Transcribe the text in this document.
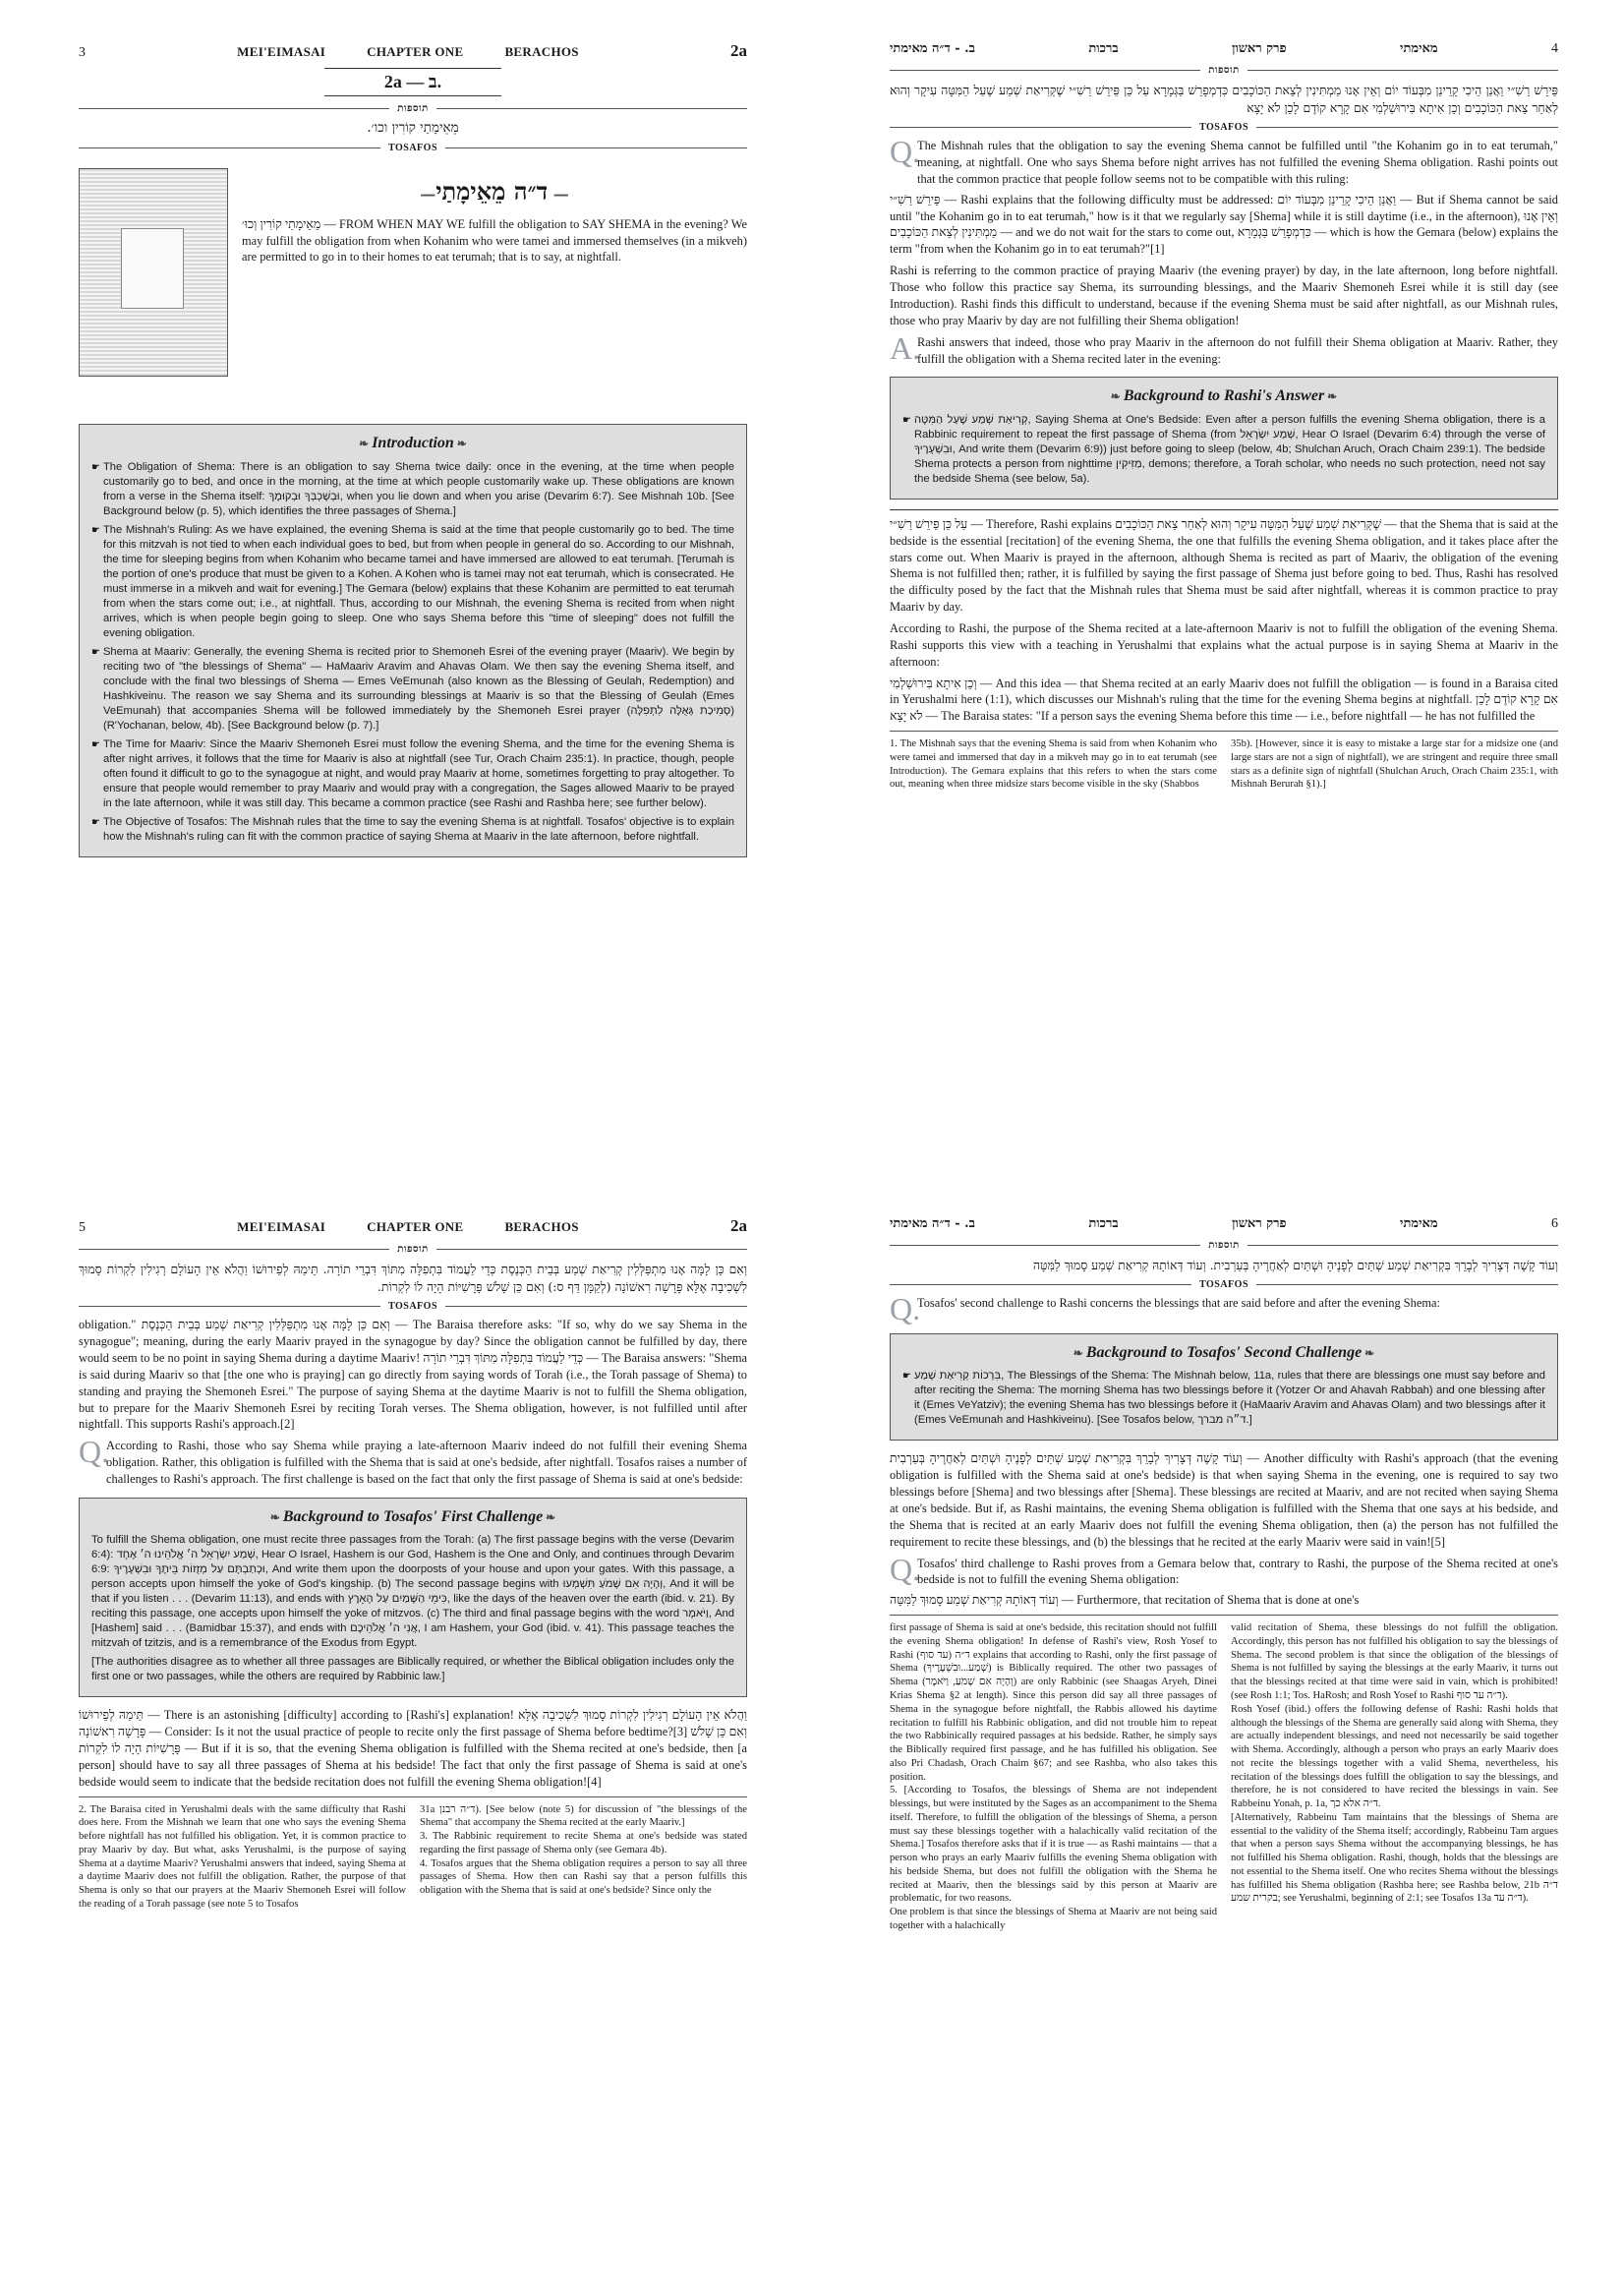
3	MEI'EIMASAI	CHAPTER ONE	BERACHOS	2a
2a — ב.
תוספות
מֵאֵימָתַי קוֹרִין וכו׳.
TOSAFOS
— ד״ה מֵאֵימָתַי —

מֵאֵימָתַי קוֹרִין וְכוּ׳ — FROM WHEN MAY WE fulfill the obligation to SAY SHEMA in the evening? We may fulfill the obligation from when Kohanim who were tamei and immersed themselves (in a mikveh) are permitted to go in to their homes to eat terumah; that is to say, at nightfall.

❧ Introduction ❧

☛ The Obligation of Shema: There is an obligation to say Shema twice daily: once in the evening, at the time when people customarily go to bed, and once in the morning, at the time at which people customarily wake up. These obligations are known from a verse in the Shema itself: וּבְשָׁכְבְּךָ וּבְקוּמֶךָ, when you lie down and when you arise (Devarim 6:7). See Mishnah 10b. [See Background below (p. 5), which identifies the three passages of Shema.]

☛ The Mishnah's Ruling: As we have explained, the evening Shema is said at the time that people customarily go to bed. The time for this mitzvah is not tied to when each individual goes to bed, but from when people in general do so. According to our Mishnah, the time for sleeping begins from when Kohanim who became tamei and have immersed are allowed to eat terumah. [Terumah is the portion of one's produce that must be given to a Kohen. A Kohen who is tamei may not eat terumah, which is consecrated. He must immerse in a mikveh and wait for evening.] The Gemara (below) explains that these Kohanim are permitted to eat terumah from when the stars come out; i.e., at nightfall. Thus, according to our Mishnah, the evening Shema is recited from when night arrives, which is when people begin going to sleep. One who says Shema before this "time of sleeping" does not fulfill the evening obligation.

☛ Shema at Maariv: Generally, the evening Shema is recited prior to Shemoneh Esrei of the evening prayer (Maariv). We begin by reciting two of "the blessings of Shema" — HaMaariv Aravim and Ahavas Olam. We then say the evening Shema itself, and conclude with the final two blessings of Shema — Emes VeEmunah (also known as the Blessing of Geulah, Redemption) and Hashkiveinu. The reason we say Shema and its surrounding blessings at Maariv is so that the Blessing of Geulah (Emes VeEmunah) that accompanies Shema will be followed immediately by the Shemoneh Esrei prayer (סְמִיכַת גְּאֻלָּה לִתְפִלָּה) (R'Yochanan, below, 4b). [See Background below (p. 7).]

☛ The Time for Maariv: Since the Maariv Shemoneh Esrei must follow the evening Shema, and the time for the evening Shema is after night arrives, it follows that the time for Maariv is also at nightfall (see Tur, Orach Chaim 235:1). In practice, though, people often found it difficult to go to the synagogue at night, and would pray Maariv at home, sometimes forgetting to pray altogether. To ensure that people would remember to pray Maariv and would pray with a congregation, the Sages allowed Maariv to be prayed in the late afternoon, while it was still day. This became a common practice (see Rashi and Rashba here; see further below).

☛ The Objective of Tosafos: The Mishnah rules that the time to say the evening Shema is at nightfall. Tosafos' objective is to explain how the Mishnah's ruling can fit with the common practice of saying Shema at Maariv in the late afternoon, before nightfall.

ב. - ד״ה מאימתי	ברכות	פרק ראשון	מאימתי	4
תוספות
פֵּירֵשׁ רַשִׁ״י וַאֲנַן הֵיכִי קָרֵינַן מִבְּעוֹד יוֹם וְאֵין אָנוּ מַמְתִּינִין לְצֵאת הַכּוֹכָבִים כִּדְמְפָרֵשׁ בַּגְּמָרָא עַל כֵּן פֵּירֵשׁ רַשִׁ״י שֶׁקְּרִיאַת שְׁמַע שֶׁעַל הַמִּטָּה עִיקָר וְהוּא לְאַחַר צֵאת הַכּוֹכָבִים וְכֵן אִיתָא בִּירוּשַׁלְמִי אִם קָרָא קוֹדֶם לָכֵן לֹא יָצָא
TOSAFOS
Q.

The Mishnah rules that the obligation to say the evening Shema cannot be fulfilled until "the Kohanim go in to eat terumah," meaning, at nightfall. One who says Shema before night arrives has not fulfilled the evening Shema obligation. Rashi points out that the common practice that people follow seems not to be compatible with this ruling:

פֵּירֵשׁ רַשִׁ״י — Rashi explains that the following difficulty must be addressed: וַאֲנַן הֵיכִי קָרֵינַן מִבְּעוֹד יוֹם — But if Shema cannot be said until "the Kohanim go in to eat terumah," how is it that we regularly say [Shema] while it is still daytime (i.e., in the afternoon), וְאֵין אָנוּ מַמְתִּינִין לְצֵאת הַכּוֹכָבִים — and we do not wait for the stars to come out, כִּדְמְפָרֵשׁ בַּגְּמָרָא — which is how the Gemara (below) explains the term "from when the Kohanim go in to eat terumah?"[1]

Rashi is referring to the common practice of praying Maariv (the evening prayer) by day, in the late afternoon, long before nightfall. Those who follow this practice say Shema, its surrounding blessings, and the Maariv Shemoneh Esrei while it is still day (see Introduction). Rashi finds this difficult to understand, because if the evening Shema must be said after nightfall, as our Mishnah rules, those who pray Maariv by day are not fulfilling their Shema obligation!

A.

Rashi answers that indeed, those who pray Maariv in the afternoon do not fulfill their Shema obligation at Maariv. Rather, they fulfill the obligation with a Shema recited later in the evening:

❧ Background to Rashi's Answer ❧

☛ קְרִיאַת שְׁמַע שֶׁעַל הַמִּטָּה, Saying Shema at One's Bedside: Even after a person fulfills the evening Shema obligation, there is a Rabbinic requirement to repeat the first passage of Shema (from שְׁמַע יִשְׂרָאֵל, Hear O Israel (Devarim 6:4) through the verse of וּבִשְׁעָרֶיךָ, And write them (Devarim 6:9)) just before going to sleep (below, 4b; Shulchan Aruch, Orach Chaim 239:1). The bedside Shema protects a person from nighttime מַזִּיקִין, demons; therefore, a Torah scholar, who needs no such protection, need not say the bedside Shema (see below, 5a).

עַל כֵּן פֵּירֵשׁ רַשִׁ״י — Therefore, Rashi explains שֶׁקְּרִיאַת שְׁמַע שֶׁעַל הַמִּטָּה עִיקָר וְהוּא לְאַחַר צֵאת הַכּוֹכָבִים — that the Shema that is said at the bedside is the essential [recitation] of the evening Shema, the one that fulfills the evening Shema obligation, and it takes place after the stars come out. When Maariv is prayed in the afternoon, although Shema is recited as part of Maariv, the obligation of the evening Shema is not fulfilled then; rather, it is fulfilled by saying the first passage of Shema just before going to bed. Thus, Rashi has resolved the difficulty posed by the fact that the Mishnah rules that Shema must be said after nightfall, whereas it is common practice to pray Maariv by day.

According to Rashi, the purpose of the Shema recited at a late-afternoon Maariv is not to fulfill the obligation of the evening Shema. Rashi supports this view with a teaching in Yerushalmi that explains what the actual purpose is in saying Shema at Maariv in the afternoon:

וְכֵן אִיתָא בִּירוּשַׁלְמִי — And this idea — that Shema recited at an early Maariv does not fulfill the obligation — is found in a Baraisa cited in Yerushalmi here (1:1), which discusses our Mishnah's ruling that the time for the evening Shema begins at nightfall. אִם קָרָא קוֹדֶם לָכֵן לֹא יָצָא — The Baraisa states: "If a person says the evening Shema before this time — i.e., before nightfall — he has not fulfilled the

1. The Mishnah says that the evening Shema is said from when Kohanim who were tamei and immersed that day in a mikveh may go in to eat terumah (see Introduction). The Gemara explains that this refers to when the stars come out, meaning when three midsize stars become visible in the sky (Shabbos

35b). [However, since it is easy to mistake a large star for a midsize one (and large stars are not a sign of nightfall), we are stringent and require three small stars as a definite sign of nightfall (Shulchan Aruch, Orach Chaim 235:1, with Mishnah Berurah §1).]

5	MEI'EIMASAI	CHAPTER ONE	BERACHOS	2a
תוספות
וְאִם כֵּן לָמָּה אָנוּ מִתְפַּלְּלִין קְרִיאַת שְׁמַע בְּבֵית הַכְּנֶסֶת כְּדֵי לַעֲמוֹד בִּתְפִלָּה מִתּוֹךְ דִּבְרֵי תוֹרָה. תֵּימַהּ לְפֵירוּשׁוֹ וַהֲלֹא אֵין הָעוֹלָם רְגִילִין לִקְרוֹת סָמוּךְ לִשְׁכִיבָה אֶלָּא פָּרָשָׁה רִאשׁוֹנָה (לְקַמָּן דַּף ס:) וְאִם כֵּן שָׁלֹשׁ פָּרָשִׁיּוֹת הָיָה לוֹ לִקְרוֹת.
TOSAFOS

obligation." וְאִם כֵּן לָמָּה אָנוּ מִתְפַּלְּלִין קְרִיאַת שְׁמַע בְּבֵית הַכְּנֶסֶת — The Baraisa therefore asks: "If so, why do we say Shema in the synagogue"; meaning, during the early Maariv prayed in the synagogue by day? Since the obligation cannot be fulfilled by day, there would seem to be no point in saying Shema during a daytime Maariv! כְּדֵי לַעֲמוֹד בִּתְפִלָּה מִתּוֹךְ דִּבְרֵי תוֹרָה — The Baraisa answers: "Shema is said during Maariv so that [the one who is praying] can go directly from saying words of Torah (i.e., the Torah passage of Shema) to standing and praying the Shemoneh Esrei." The purpose of saying Shema at the daytime Maariv is not to fulfill the Shema obligation, but to prepare for the Maariv Shemoneh Esrei by reciting Torah verses. The Shema obligation, however, is not fulfilled until after nightfall. This supports Rashi's approach.[2]

Q.

According to Rashi, those who say Shema while praying a late-afternoon Maariv indeed do not fulfill their evening Shema obligation. Rather, this obligation is fulfilled with the Shema that is said at one's bedside, after nightfall. Tosafos raises a number of challenges to Rashi's approach. The first challenge is based on the fact that only the first passage of Shema is said at one's bedside:

❧ Background to Tosafos' First Challenge ❧

To fulfill the Shema obligation, one must recite three passages from the Torah: (a) The first passage begins with the verse (Devarim 6:4): שְׁמַע יִשְׂרָאֵל ה׳ אֱלֹהֵינוּ ה׳ אֶחָד, Hear O Israel, Hashem is our God, Hashem is the One and Only, and continues through Devarim 6:9: וּכְתַבְתָּם עַל מְזֻזוֹת בֵּיתֶךָ וּבִשְׁעָרֶיךָ, And write them upon the doorposts of your house and upon your gates. With this passage, a person accepts upon himself the yoke of God's kingship. (b) The second passage begins with וְהָיָה אִם שָׁמֹעַ תִּשְׁמְעוּ, And it will be that if you listen . . . (Devarim 11:13), and ends with כִּימֵי הַשָּׁמַיִם עַל הָאָרֶץ, like the days of the heaven over the earth (ibid. v. 21). By reciting this passage, one accepts upon himself the yoke of mitzvos. (c) The third and final passage begins with the word וַיֹּאמֶר, And [Hashem] said . . . (Bamidbar 15:37), and ends with אֲנִי ה׳ אֱלֹהֵיכֶם, I am Hashem, your God (ibid. v. 41). This passage teaches the mitzvah of tzitzis, and is a remembrance of the Exodus from Egypt.

[The authorities disagree as to whether all three passages are Biblically required, or whether the Biblical obligation includes only the first one or two passages, while the others are required by Rabbinic law.]

תֵּימַהּ לְפֵירוּשׁוֹ — There is an astonishing [difficulty] according to [Rashi's] explanation! וַהֲלֹא אֵין הָעוֹלָם רְגִילִין לִקְרוֹת סָמוּךְ לִשְׁכִיבָה אֶלָּא פָּרָשָׁה רִאשׁוֹנָה — Consider: Is it not the usual practice of people to recite only the first passage of Shema before bedtime?[3] וְאִם כֵּן שָׁלֹשׁ פָּרָשִׁיּוֹת הָיָה לוֹ לִקְרוֹת — But if it is so, that the evening Shema obligation is fulfilled with the Shema recited at one's bedside, then [a person] should have to say all three passages of Shema at his bedside! The fact that only the first passage of Shema is said at one's bedside would seem to indicate that the bedside recitation does not fulfill the evening Shema obligation![4]

2. The Baraisa cited in Yerushalmi deals with the same difficulty that Rashi does here. From the Mishnah we learn that one who says the evening Shema before nightfall has not fulfilled his obligation. Yet, it is common practice to pray Maariv by day. But what, asks Yerushalmi, is the purpose of saying Shema at a daytime Maariv? Yerushalmi answers that indeed, saying Shema at a daytime Maariv does not fulfill the obligation. Rather, the purpose of that Shema is only so that our prayers at the Maariv Shemoneh Esrei will follow the reading of a Torah passage (see note 5 to Tosafos

31a ד״ה רבנן). [See below (note 5) for discussion of "the blessings of the Shema" that accompany the Shema recited at the early Maariv.]
3. The Rabbinic requirement to recite Shema at one's bedside was stated regarding the first passage of Shema only (see Gemara 4b).
4. Tosafos argues that the Shema obligation requires a person to say all three passages of Shema. How then can Rashi say that a person fulfills this obligation with the Shema that is said at one's bedside? Since only the

ב. - ד״ה מאימתי	ברכות	פרק ראשון	מאימתי	6
תוספות
וְעוֹד קָשֶׁה דְּצָרִיךְ לְבָרֵךְ בִּקְרִיאַת שְׁמַע שְׁתַּיִם לְפָנֶיהָ וּשְׁתַּיִם לְאַחֲרֶיהָ בְּעַרְבִית. וְעוֹד דְּאוֹתָהּ קְרִיאַת שְׁמַע סָמוּךְ לַמִּטָּה
TOSAFOS
Q.

Tosafos' second challenge to Rashi concerns the blessings that are said before and after the evening Shema:

❧ Background to Tosafos' Second Challenge ❧

☛ בִּרְכוֹת קְרִיאַת שְׁמַע, The Blessings of the Shema: The Mishnah below, 11a, rules that there are blessings one must say before and after reciting the Shema: The morning Shema has two blessings before it (Yotzer Or and Ahavah Rabbah) and one blessing after it (Emes VeYatziv); the evening Shema has two blessings before it (HaMaariv Aravim and Ahavas Olam) and two blessings after it (Emes VeEmunah and Hashkiveinu). [See Tosafos below, ד״ה מברך.]

וְעוֹד קָשֶׁה דְּצָרִיךְ לְבָרֵךְ בִּקְרִיאַת שְׁמַע שְׁתַּיִם לְפָנֶיהָ וּשְׁתַּיִם לְאַחֲרֶיהָ בְּעַרְבִית — Another difficulty with Rashi's approach (that the evening obligation is fulfilled with the Shema said at one's bedside) is that when saying Shema in the evening, one is required to say two blessings before [Shema] and two blessings after [Shema]. These blessings are recited at Maariv, and are not recited when saying Shema at one's bedside. But if, as Rashi maintains, the evening Shema obligation is fulfilled with the Shema that one says at his bedside, and the Shema that is recited at an early Maariv does not fulfill the evening Shema obligation, then (a) the person has not fulfilled the requirement to recite these blessings, and (b) the blessings that he recited at the early Maariv were said in vain![5]

Q.

Tosafos' third challenge to Rashi proves from a Gemara below that, contrary to Rashi, the purpose of the Shema recited at one's bedside is not to fulfill the evening Shema obligation:

וְעוֹד דְּאוֹתָהּ קְרִיאַת שְׁמַע סָמוּךְ לַמִּטָּה — Furthermore, that recitation of Shema that is done at one's

first passage of Shema is said at one's bedside, this recitation should not fulfill the evening Shema obligation! In defense of Rashi's view, Rosh Yosef to Rashi ד״ה (עד סוף) explains that according to Rashi, only the first passage of Shema (שְׁמַע...וּבִשְׁעָרֶיךָ) is Biblically required. The other two passages of Shema (וְהָיָה אִם שָׁמֹעַ, וַיֹּאמֶר) are only Rabbinic (see Shaagas Aryeh, Dinei Krias Shema §2 at length). Since this person did say all three passages of Shema in the synagogue before nightfall, the Rabbis allowed his daytime recitation to fulfill his Rabbinic obligation, and did not trouble him to repeat the two Rabbinically required passages at his bedside. Rather, he simply says the Biblically required first passage, and he has fulfilled his obligation. See also Pri Chadash, Orach Chaim §67; and see Rashba, who also takes this position.
5. [According to Tosafos, the blessings of Shema are not independent blessings, but were instituted by the Sages as an accompaniment to the Shema itself. Therefore, to fulfill the obligation of the blessings of Shema, a person must say these blessings together with a halachically valid recitation of the Shema.] Tosafos therefore asks that if it is true — as Rashi maintains — that a person who prays an early Maariv fulfills the evening Shema obligation with his bedside Shema, but does not fulfill the obligation with the Shema he recited at Maariv, then the blessings said by this person at Maariv are problematic, for two reasons.
One problem is that since the blessings of Shema at Maariv are not being said together with a halachically

valid recitation of Shema, these blessings do not fulfill the obligation. Accordingly, this person has not fulfilled his obligation to say the blessings of Shema. The second problem is that since the obligation of the blessings of Shema is not fulfilled by saying the blessings at the early Maariv, it turns out that the blessings recited at that time were said in vain, which is prohibited! (see Rosh 1:1; Tos. HaRosh; and Rosh Yosef to Rashi ד״ה עד סוף).
Rosh Yosef (ibid.) offers the following defense of Rashi: Rashi holds that although the blessings of the Shema are generally said along with Shema, they are actually independent blessings, and need not necessarily be said together with Shema. Accordingly, although a person who prays an early Maariv does not recite the blessings together with a valid Shema, nevertheless, his recitation of the blessings does fulfill the obligation to say the blessings, and therefore, he is not considered to have recited the blessings in vain. See Rabbeinu Yonah, p. 1a, ד״ה אלא כך.
[Alternatively, Rabbeinu Tam maintains that the blessings of Shema are essential to the validity of the Shema itself; accordingly, Rabbeinu Tam argues that when a person says Shema without the accompanying blessings, he has not fulfilled his Shema obligation. Rashi, though, holds that the blessings are not essential to the Shema itself. One who recites Shema without the blessings has fulfilled his Shema obligation (Rashba here; see Rashba below, 21b ד״ה בקרית שמע; see Yerushalmi, beginning of 2:1; see Tosafos 13a ד״ה עד).
